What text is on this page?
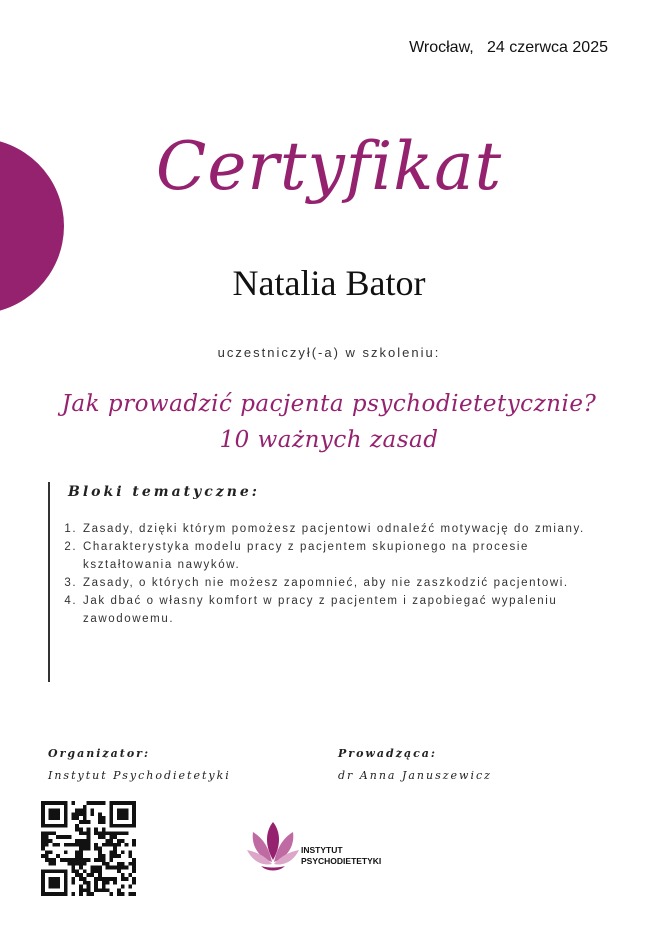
Wrocław, 24 czerwca 2025
Certyfikat
Natalia Bator
uczestniczył(-a) w szkoleniu:
Jak prowadzić pacjenta psychodietetycznie?
10 ważnych zasad
Bloki tematyczne:
1. Zasady, dzięki którym pomożesz pacjentowi odnaleźć motywację do zmiany.
2. Charakterystyka modelu pracy z pacjentem skupionego na procesie kształtowania nawyków.
3. Zasady, o których nie możesz zapomnieć, aby nie zaszkodzić pacjentowi.
4. Jak dbać o własny komfort w pracy z pacjentem i zapobiegać wypaleniu zawodowemu.
Organizator:
Instytut Psychodietetyki
Prowadząca:
dr Anna Januszewicz
INSTYTUT
PSYCHODIETETYKI
